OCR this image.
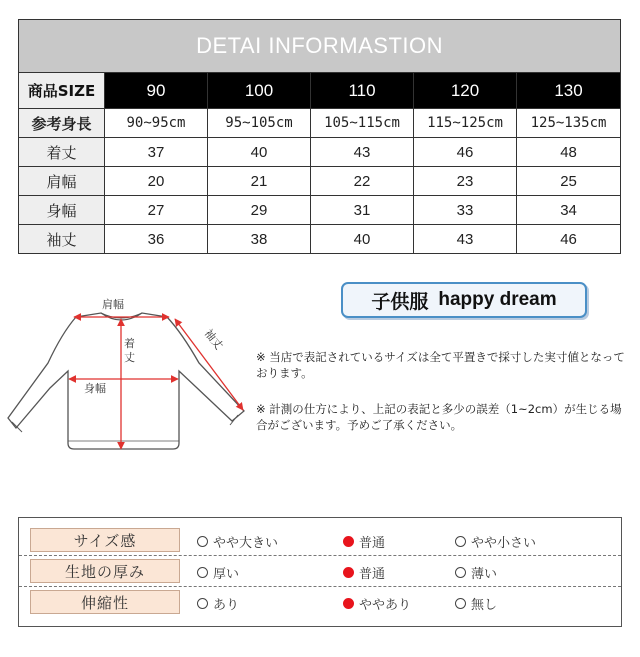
DETAI INFORMASTION					
商品SIZE	90	100	110	120	130
参考身長	90~95cm	95~105cm	105~115cm	115~125cm	125~135cm
着丈	37	40	43	46	48
肩幅	20	21	22	23	25
身幅	27	29	31	33	34
袖丈	36	38	40	43	46
肩幅
着 丈
身幅
袖丈
子供服 happy dream
※ 当店で表記されているサイズは全て平置きで採寸した実寸値となっております。
※ 計測の仕方により、上記の表記と多少の誤差（1~2cm）が生じる場合がございます。予めご了承ください。
サイズ感	やや大きい	普通	やや小さい
生地の厚み	厚い	普通	薄い
伸縮性	あり	ややあり	無し
